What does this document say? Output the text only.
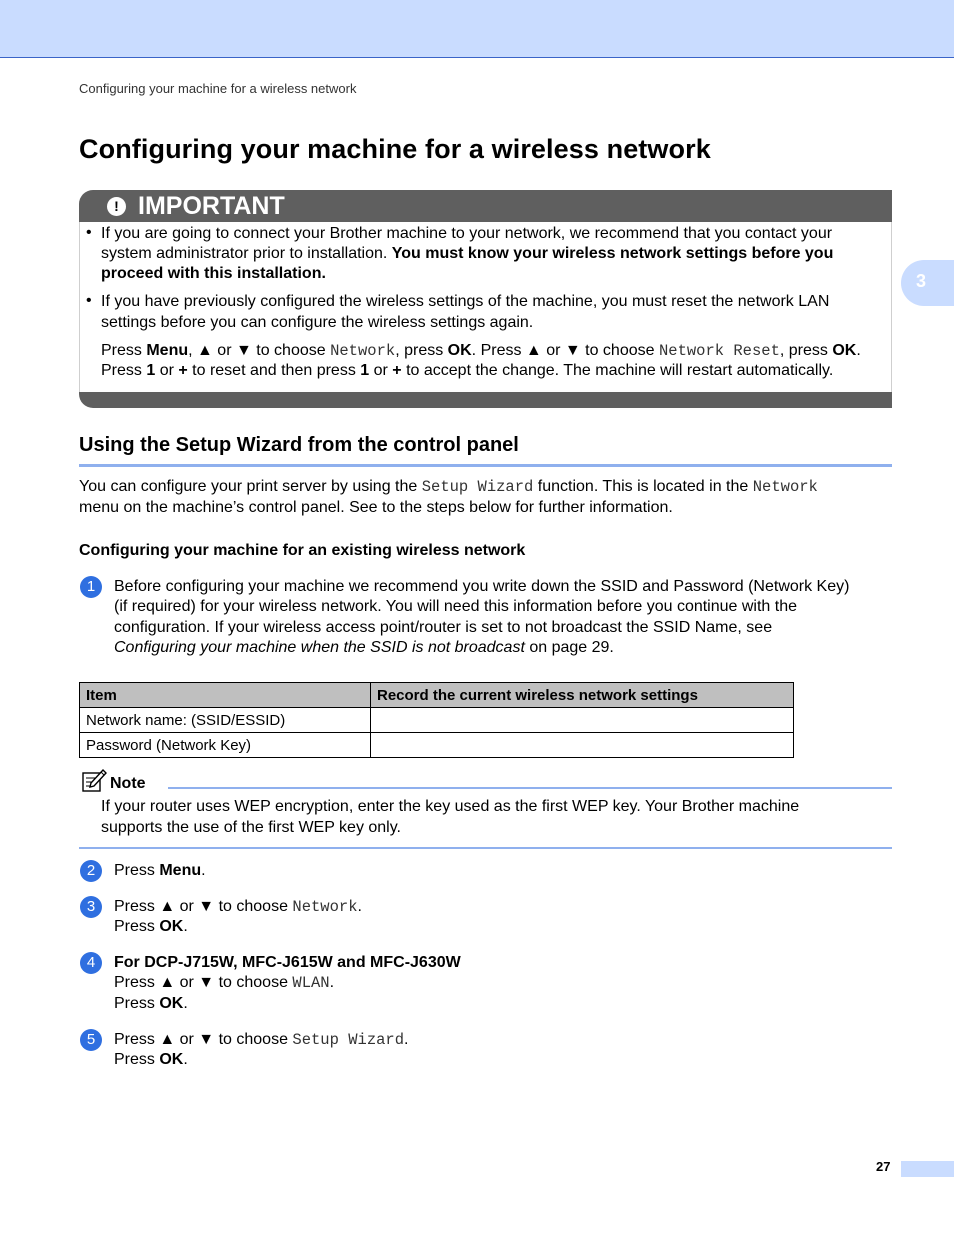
Configuring your machine for a wireless network
Configuring your machine for a wireless network
3
! IMPORTANT
• If you are going to connect your Brother machine to your network, we recommend that you contact your
system administrator prior to installation. You must know your wireless network settings before you
proceed with this installation.
• If you have previously configured the wireless settings of the machine, you must reset the network LAN
settings before you can configure the wireless settings again.
Press Menu, ▲ or ▼ to choose Network, press OK. Press ▲ or ▼ to choose Network Reset, press OK.
Press 1 or + to reset and then press 1 or + to accept the change. The machine will restart automatically.
Using the Setup Wizard from the control panel
You can configure your print server by using the Setup Wizard function. This is located in the Network
menu on the machine’s control panel. See to the steps below for further information.
Configuring your machine for an existing wireless network
1	Before configuring your machine we recommend you write down the SSID and Password (Network Key)
(if required) for your wireless network. You will need this information before you continue with the
configuration. If your wireless access point/router is set to not broadcast the SSID Name, see
Configuring your machine when the SSID is not broadcast on page 29.
Item	Record the current wireless network settings
Network name: (SSID/ESSID)	
Password (Network Key)	
Note
If your router uses WEP encryption, enter the key used as the first WEP key. Your Brother machine
supports the use of the first WEP key only.
2	Press Menu.
3	Press ▲ or ▼ to choose Network.
Press OK.
4	For DCP-J715W, MFC-J615W and MFC-J630W
Press ▲ or ▼ to choose WLAN.
Press OK.
5	Press ▲ or ▼ to choose Setup Wizard.
Press OK.
27
